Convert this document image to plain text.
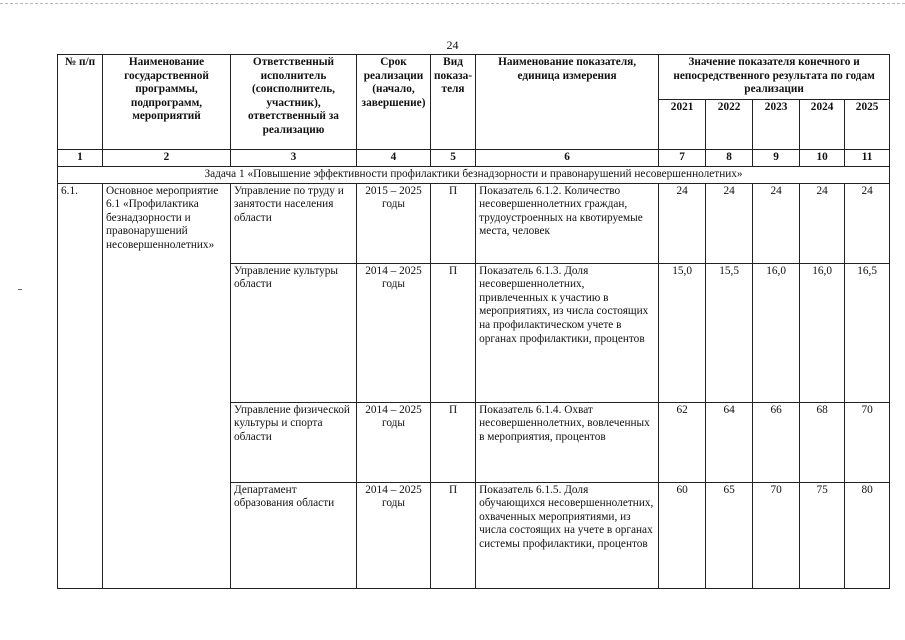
24
№ п/п	Наименование государственной программы, подпрограмм, мероприятий	Ответственный исполнитель (соисполнитель, участник), ответственный за реализацию	Срок реализации (начало, завершение)	Вид показа-теля	Наименование показателя, единица измерения	Значение показателя конечного и непосредственного результата по годам реализации				
						2021	2022	2023	2024	2025
1	2	3	4	5	6	7	8	9	10	11
Задача 1 «Повышение эффективности профилактики безнадзорности и правонарушений несовершеннолетних»										
6.1.	Основное мероприятие 6.1 «Профилактика безнадзорности и правонарушений несовершеннолетних»	Управление по труду и занятости населения области	2015 – 2025 годы	П	Показатель 6.1.2. Количество несовершеннолетних граждан, трудоустроенных на квотируемые места, человек	24	24	24	24	24
		Управление культуры области	2014 – 2025 годы	П	Показатель 6.1.3. Доля несовершеннолетних, привлеченных к участию в мероприятиях, из числа состоящих на профилактическом учете в органах профилактики, процентов	15,0	15,5	16,0	16,0	16,5
		Управление физической культуры и спорта области	2014 – 2025 годы	П	Показатель 6.1.4. Охват несовершеннолетних, вовлеченных в мероприятия, процентов	62	64	66	68	70
		Департамент образования области	2014 – 2025 годы	П	Показатель 6.1.5. Доля обучающихся несовершеннолетних, охваченных мероприятиями, из числа состоящих на учете в органах системы профилактики, процентов	60	65	70	75	80
